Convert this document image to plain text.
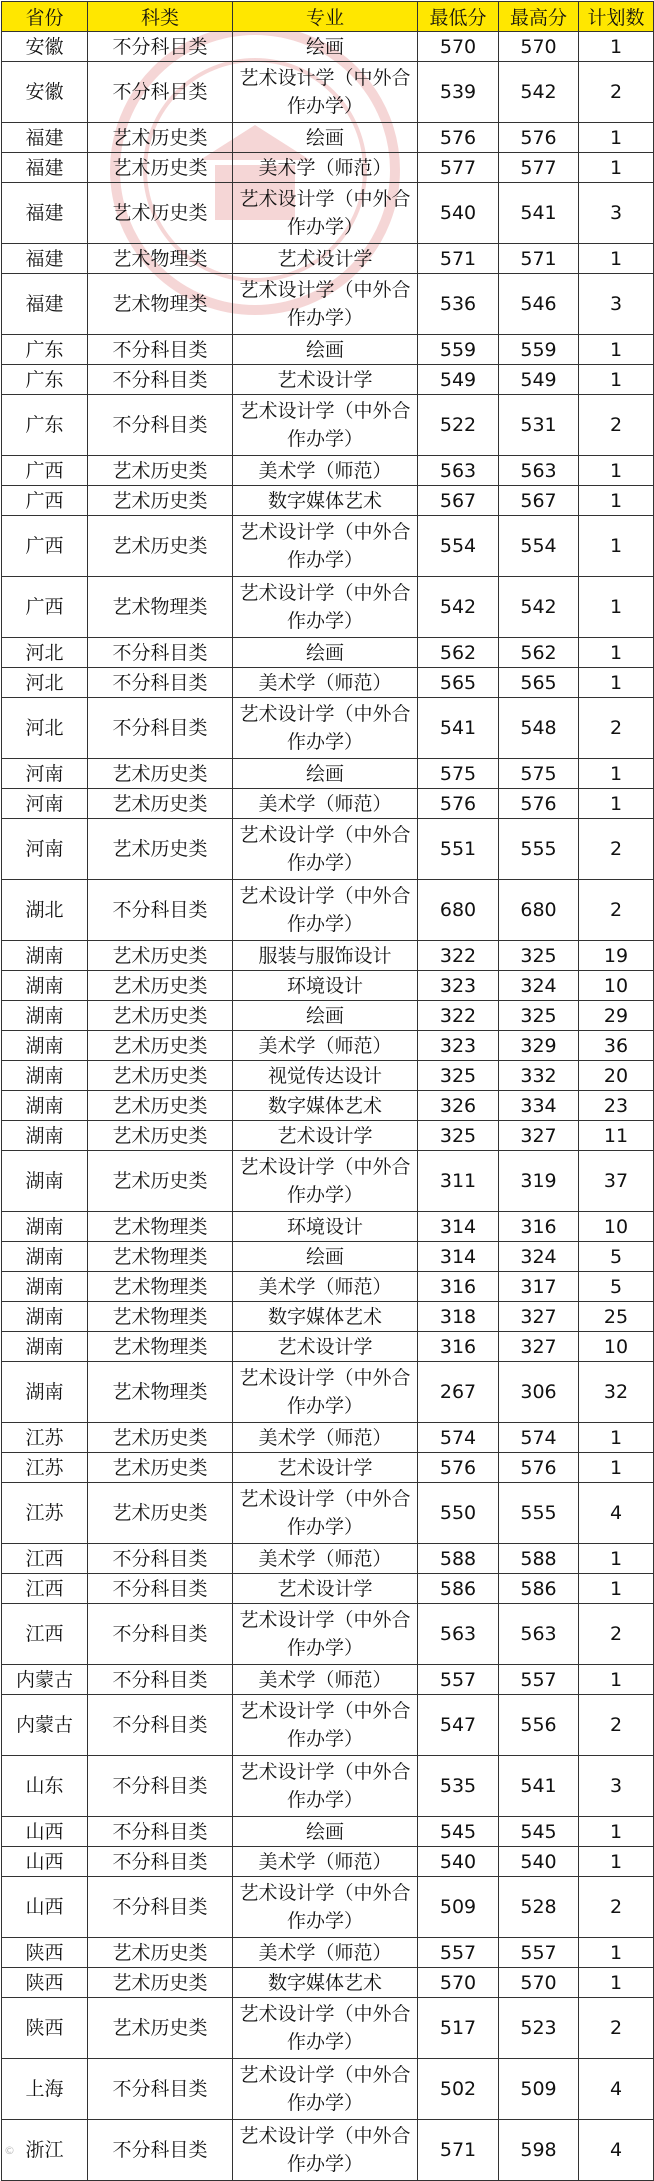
省份	科类	专业	最低分	最高分	计划数
安徽	不分科目类	绘画	570	570	1
安徽	不分科目类	艺术设计学（中外合作办学）	539	542	2
福建	艺术历史类	绘画	576	576	1
福建	艺术历史类	美术学（师范）	577	577	1
福建	艺术历史类	艺术设计学（中外合作办学）	540	541	3
福建	艺术物理类	艺术设计学	571	571	1
福建	艺术物理类	艺术设计学（中外合作办学）	536	546	3
广东	不分科目类	绘画	559	559	1
广东	不分科目类	艺术设计学	549	549	1
广东	不分科目类	艺术设计学（中外合作办学）	522	531	2
广西	艺术历史类	美术学（师范）	563	563	1
广西	艺术历史类	数字媒体艺术	567	567	1
广西	艺术历史类	艺术设计学（中外合作办学）	554	554	1
广西	艺术物理类	艺术设计学（中外合作办学）	542	542	1
河北	不分科目类	绘画	562	562	1
河北	不分科目类	美术学（师范）	565	565	1
河北	不分科目类	艺术设计学（中外合作办学）	541	548	2
河南	艺术历史类	绘画	575	575	1
河南	艺术历史类	美术学（师范）	576	576	1
河南	艺术历史类	艺术设计学（中外合作办学）	551	555	2
湖北	不分科目类	艺术设计学（中外合作办学）	680	680	2
湖南	艺术历史类	服装与服饰设计	322	325	19
湖南	艺术历史类	环境设计	323	324	10
湖南	艺术历史类	绘画	322	325	29
湖南	艺术历史类	美术学（师范）	323	329	36
湖南	艺术历史类	视觉传达设计	325	332	20
湖南	艺术历史类	数字媒体艺术	326	334	23
湖南	艺术历史类	艺术设计学	325	327	11
湖南	艺术历史类	艺术设计学（中外合作办学）	311	319	37
湖南	艺术物理类	环境设计	314	316	10
湖南	艺术物理类	绘画	314	324	5
湖南	艺术物理类	美术学（师范）	316	317	5
湖南	艺术物理类	数字媒体艺术	318	327	25
湖南	艺术物理类	艺术设计学	316	327	10
湖南	艺术物理类	艺术设计学（中外合作办学）	267	306	32
江苏	艺术历史类	美术学（师范）	574	574	1
江苏	艺术历史类	艺术设计学	576	576	1
江苏	艺术历史类	艺术设计学（中外合作办学）	550	555	4
江西	不分科目类	美术学（师范）	588	588	1
江西	不分科目类	艺术设计学	586	586	1
江西	不分科目类	艺术设计学（中外合作办学）	563	563	2
内蒙古	不分科目类	美术学（师范）	557	557	1
内蒙古	不分科目类	艺术设计学（中外合作办学）	547	556	2
山东	不分科目类	艺术设计学（中外合作办学）	535	541	3
山西	不分科目类	绘画	545	545	1
山西	不分科目类	美术学（师范）	540	540	1
山西	不分科目类	艺术设计学（中外合作办学）	509	528	2
陕西	艺术历史类	美术学（师范）	557	557	1
陕西	艺术历史类	数字媒体艺术	570	570	1
陕西	艺术历史类	艺术设计学（中外合作办学）	517	523	2
上海	不分科目类	艺术设计学（中外合作办学）	502	509	4
浙江	不分科目类	艺术设计学（中外合作办学）	571	598	4
©
